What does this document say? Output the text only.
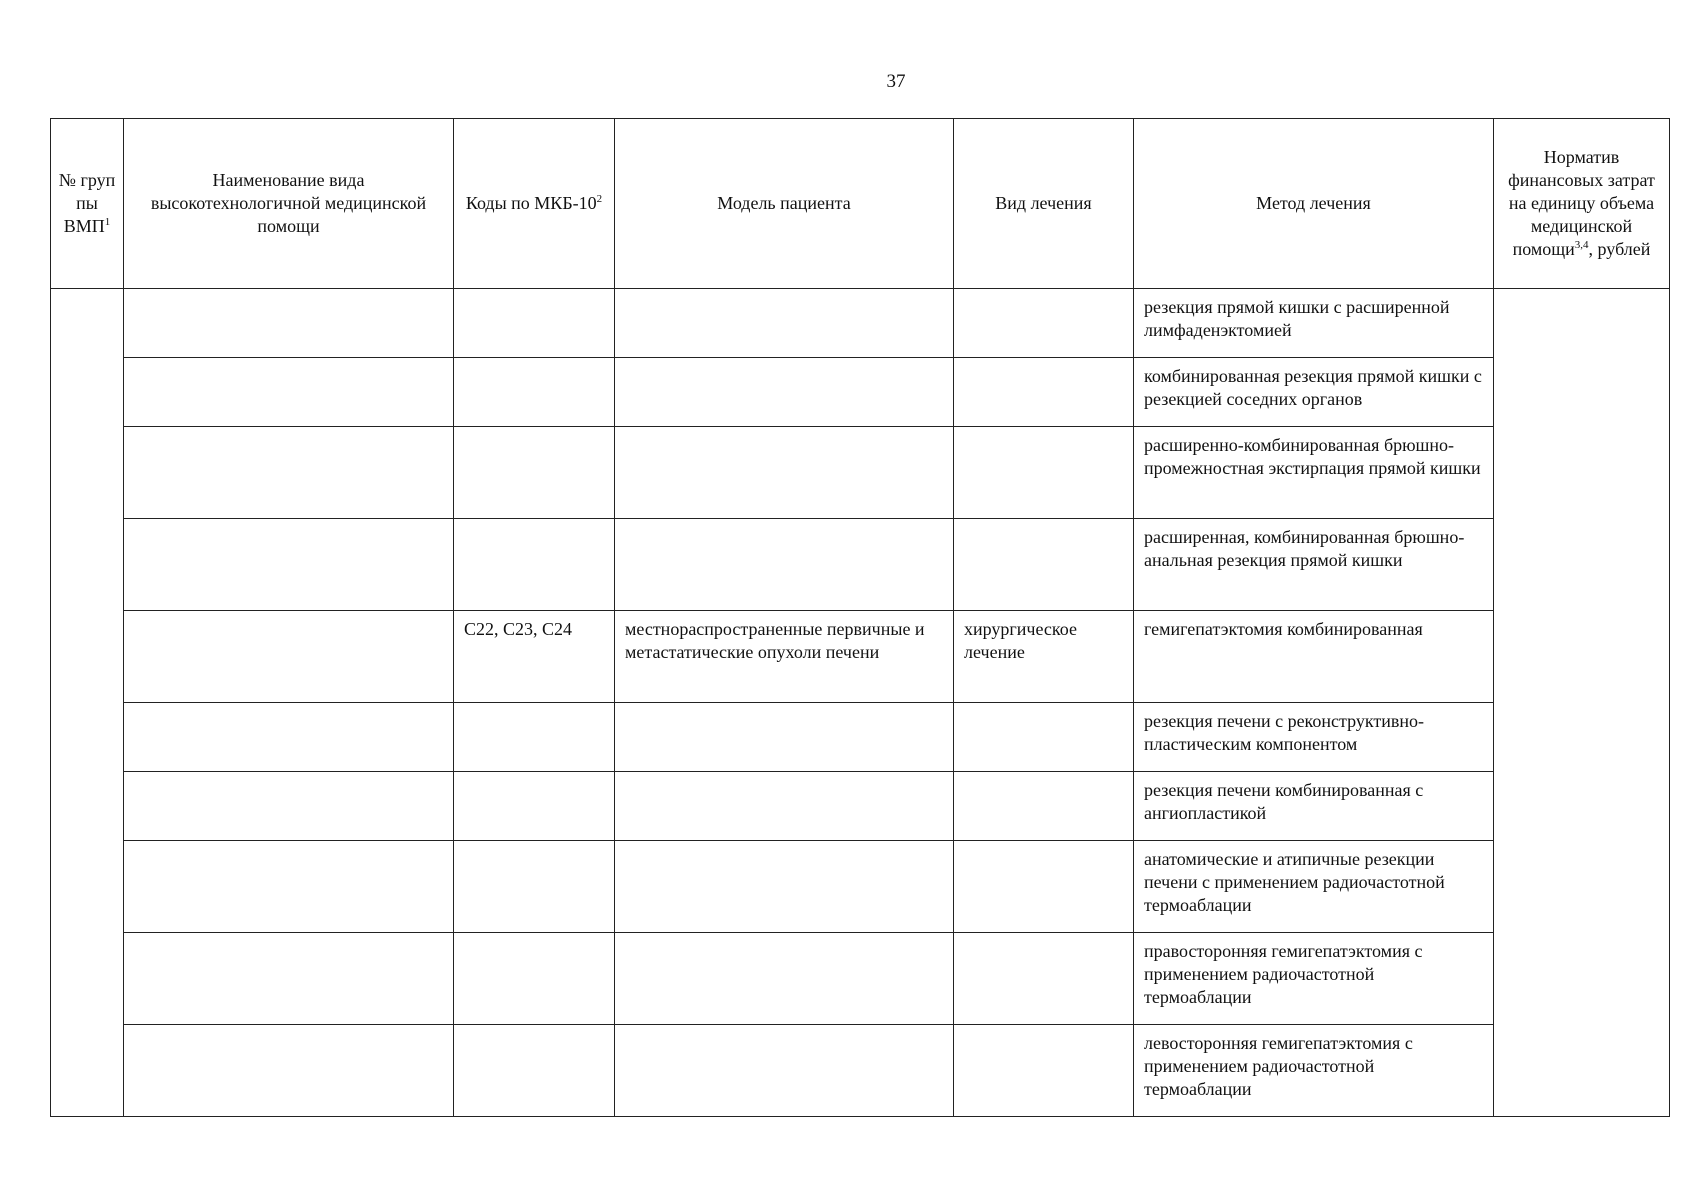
37
№ груп пы ВМП$^1$	Наименование вида высокотехнологичной медицинской помощи	Коды по МКБ-$10^2$	Модель пациента	Вид лечения	Метод лечения	Норматив финансовых затрат на единицу объема медицинской помощи$^{3,4}$, рублей
					резекция прямой кишки с расширенной лимфаденэктомией	
					комбинированная резекция прямой кишки с резекцией соседних органов	
					расширенно-комбинированная брюшно-промежностная экстирпация прямой кишки	
					расширенная, комбинированная брюшно-анальная резекция прямой кишки	
		C22, C23, C24	местнораспространенные первичные и метастатические опухоли печени	хирургическое лечение	гемигепатэктомия комбинированная	
					резекция печени с реконструктивно-пластическим компонентом	
					резекция печени комбинированная с ангиопластикой	
					анатомические и атипичные резекции печени с применением радиочастотной термоаблации	
					правосторонняя гемигепатэктомия с применением радиочастотной термоаблации	
					левосторонняя гемигепатэктомия с применением радиочастотной термоаблации	
